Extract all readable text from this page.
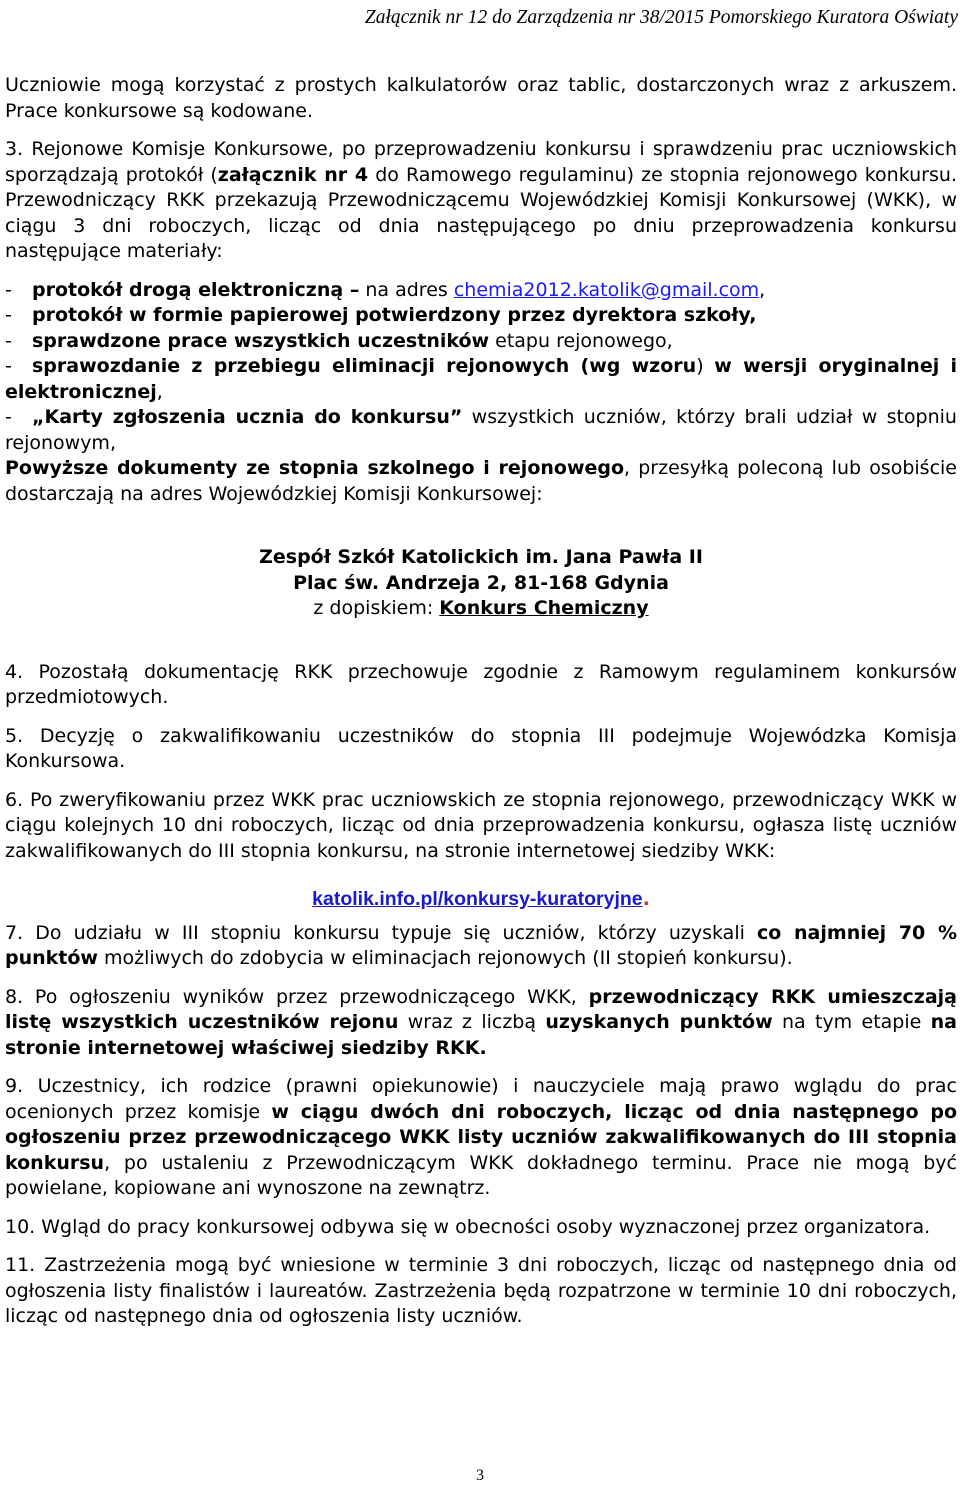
Załącznik nr 12 do Zarządzenia nr 38/2015 Pomorskiego Kuratora Oświaty

Uczniowie mogą korzystać z prostych kalkulatorów oraz tablic, dostarczonych wraz z arkuszem. Prace konkursowe są kodowane.

3. Rejonowe Komisje Konkursowe, po przeprowadzeniu konkursu i sprawdzeniu prac uczniowskich sporządzają protokół (załącznik nr 4 do Ramowego regulaminu) ze stopnia rejonowego konkursu. Przewodniczący RKK przekazują Przewodniczącemu Wojewódzkiej Komisji Konkursowej (WKK), w ciągu 3 dni roboczych, licząc od dnia następującego po dniu przeprowadzenia konkursu następujące materiały:

- protokół drogą elektroniczną – na adres chemia2012.katolik@gmail.com,

- protokół w formie papierowej potwierdzony przez dyrektora szkoły,

- sprawdzone prace wszystkich uczestników etapu rejonowego,

- sprawozdanie z przebiegu eliminacji rejonowych (wg wzoru) w wersji oryginalnej i elektronicznej,

- „Karty zgłoszenia ucznia do konkursu” wszystkich uczniów, którzy brali udział w stopniu rejonowym,

Powyższe dokumenty ze stopnia szkolnego i rejonowego, przesyłką poleconą lub osobiście dostarczają na adres Wojewódzkiej Komisji Konkursowej:

Zespół Szkół Katolickich im. Jana Pawła II

Plac św. Andrzeja 2, 81-168 Gdynia

z dopiskiem: Konkurs Chemiczny

4. Pozostałą dokumentację RKK przechowuje zgodnie z Ramowym regulaminem konkursów przedmiotowych.

5. Decyzję o zakwalifikowaniu uczestników do stopnia III podejmuje Wojewódzka Komisja Konkursowa.

6. Po zweryfikowaniu przez WKK prac uczniowskich ze stopnia rejonowego, przewodniczący WKK w ciągu kolejnych 10 dni roboczych, licząc od dnia przeprowadzenia konkursu, ogłasza listę uczniów zakwalifikowanych do III stopnia konkursu, na stronie internetowej siedziby WKK:

katolik.info.pl/konkursy-kuratoryjne.

7. Do udziału w III stopniu konkursu typuje się uczniów, którzy uzyskali co najmniej 70 % punktów możliwych do zdobycia w eliminacjach rejonowych (II stopień konkursu).

8. Po ogłoszeniu wyników przez przewodniczącego WKK, przewodniczący RKK umieszczają listę wszystkich uczestników rejonu wraz z liczbą uzyskanych punktów na tym etapie na stronie internetowej właściwej siedziby RKK.

9. Uczestnicy, ich rodzice (prawni opiekunowie) i nauczyciele mają prawo wglądu do prac ocenionych przez komisje w ciągu dwóch dni roboczych, licząc od dnia następnego po ogłoszeniu przez przewodniczącego WKK listy uczniów zakwalifikowanych do III stopnia konkursu, po ustaleniu z Przewodniczącym WKK dokładnego terminu. Prace nie mogą być powielane, kopiowane ani wynoszone na zewnątrz.

10. Wgląd do pracy konkursowej odbywa się w obecności osoby wyznaczonej przez organizatora.

11. Zastrzeżenia mogą być wniesione w terminie 3 dni roboczych, licząc od następnego dnia od ogłoszenia listy finalistów i laureatów. Zastrzeżenia będą rozpatrzone w terminie 10 dni roboczych, licząc od następnego dnia od ogłoszenia listy uczniów.

3
